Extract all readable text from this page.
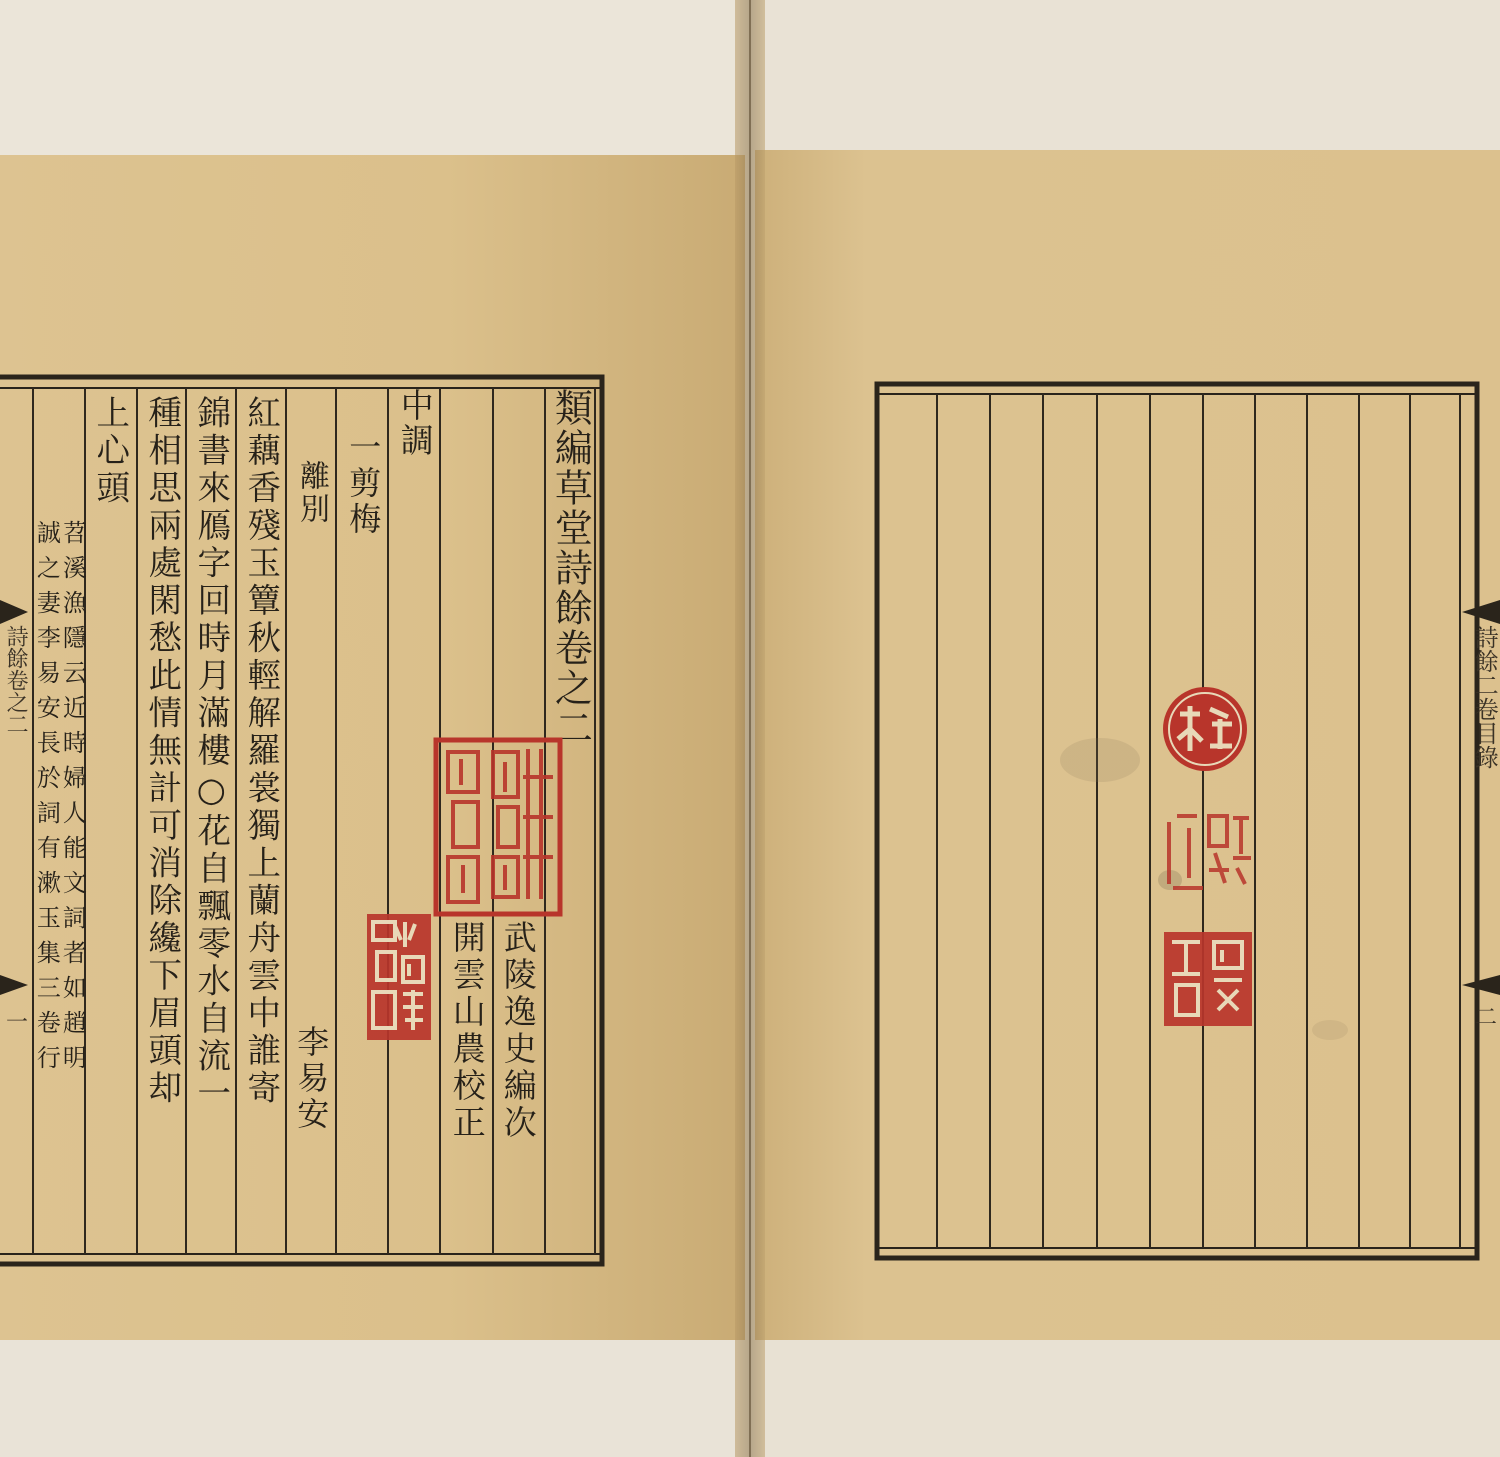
類編草堂詩餘卷之二
中調
一剪梅
離別
李易安
紅藕香殘玉簟秋輕解羅裳獨上蘭舟雲中誰寄
錦書來鴈字回時月滿樓○花自飄零水自流一
種相思兩處閑愁此情無計可消除纔下眉頭却
上心頭
苕溪漁隱云近時婦人能文詞者如趙明
誠之妻李易安長於詞有漱玉集三卷行	武陵逸史編次
開雲山農校正
詩餘卷之二
一
詩餘二卷目錄
二
